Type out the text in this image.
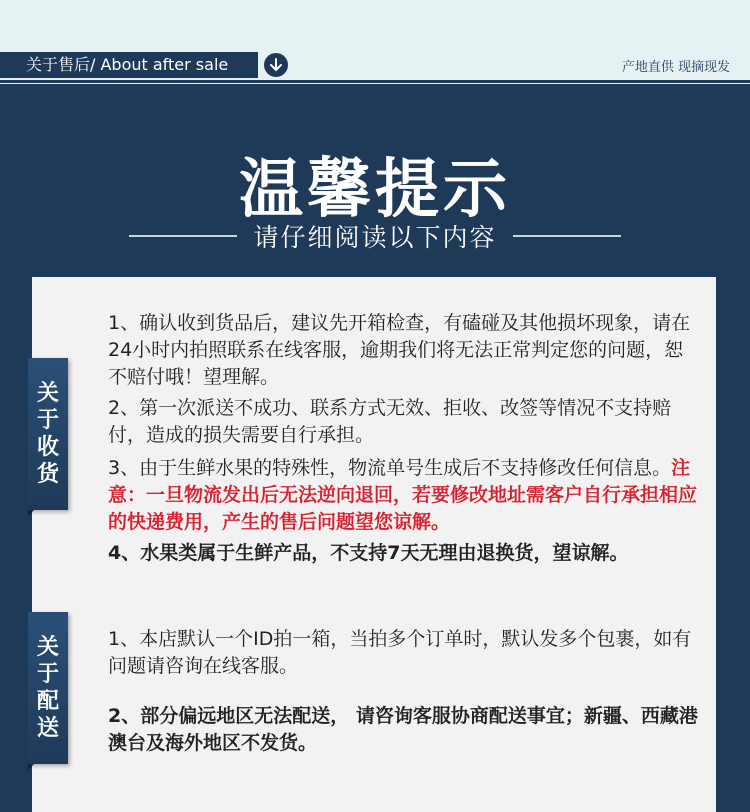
关于售后/ About after sale	产地直供 现摘现发
温馨提示
请仔细阅读以下内容
关
于
收
货
1、确认收到货品后，建议先开箱检查，有磕碰及其他损坏现象，请在24小时内拍照联系在线客服，逾期我们将无法正常判定您的问题，恕不赔付哦！望理解。
2、第一次派送不成功、联系方式无效、拒收、改签等情况不支持赔付，造成的损失需要自行承担。
3、由于生鲜水果的特殊性，物流单号生成后不支持修改任何信息。注意：一旦物流发出后无法逆向退回，若要修改地址需客户自行承担相应的快递费用，产生的售后问题望您谅解。
4、水果类属于生鲜产品，不支持7天无理由退换货，望谅解。
关
于
配
送
1、本店默认一个ID拍一箱，当拍多个订单时，默认发多个包裹，如有问题请咨询在线客服。
2、部分偏远地区无法配送， 请咨询客服协商配送事宜；新疆、西藏港澳台及海外地区不发货。
